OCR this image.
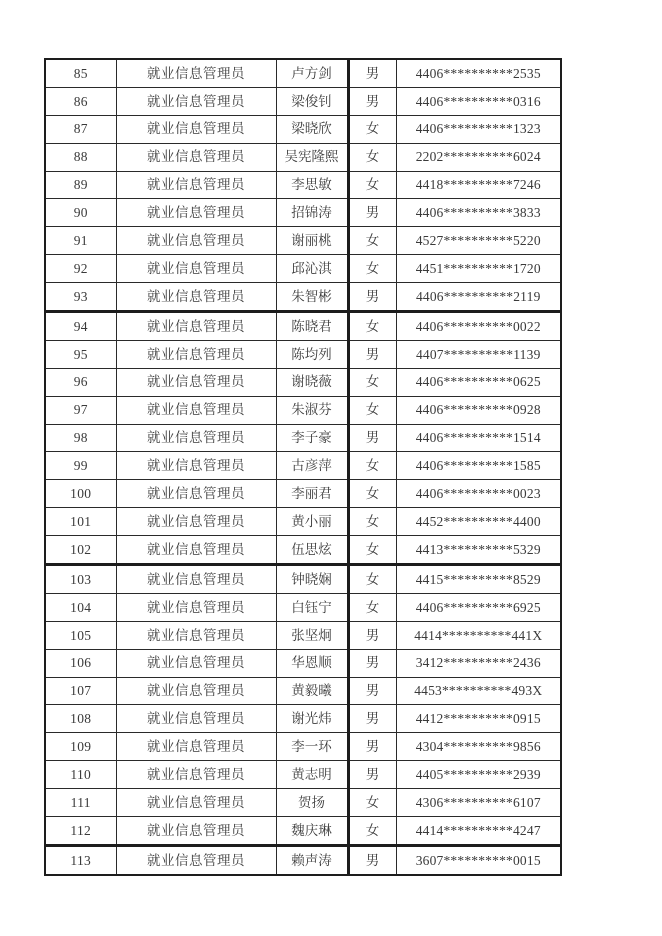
85	就业信息管理员	卢方剑	男	4406**********2535
86	就业信息管理员	梁俊钊	男	4406**********0316
87	就业信息管理员	梁晓欣	女	4406**********1323
88	就业信息管理员	吴宪隆熙	女	2202**********6024
89	就业信息管理员	李思敏	女	4418**********7246
90	就业信息管理员	招锦涛	男	4406**********3833
91	就业信息管理员	谢丽桃	女	4527**********5220
92	就业信息管理员	邱沁淇	女	4451**********1720
93	就业信息管理员	朱智彬	男	4406**********2119
94	就业信息管理员	陈晓君	女	4406**********0022
95	就业信息管理员	陈均列	男	4407**********1139
96	就业信息管理员	谢晓薇	女	4406**********0625
97	就业信息管理员	朱淑芬	女	4406**********0928
98	就业信息管理员	李子豪	男	4406**********1514
99	就业信息管理员	古彦萍	女	4406**********1585
100	就业信息管理员	李丽君	女	4406**********0023
101	就业信息管理员	黄小丽	女	4452**********4400
102	就业信息管理员	伍思炫	女	4413**********5329
103	就业信息管理员	钟晓娴	女	4415**********8529
104	就业信息管理员	白钰宁	女	4406**********6925
105	就业信息管理员	张坚炯	男	4414**********441X
106	就业信息管理员	华恩顺	男	3412**********2436
107	就业信息管理员	黄毅曦	男	4453**********493X
108	就业信息管理员	谢光炜	男	4412**********0915
109	就业信息管理员	李一环	男	4304**********9856
110	就业信息管理员	黄志明	男	4405**********2939
111	就业信息管理员	贺扬	女	4306**********6107
112	就业信息管理员	魏庆琳	女	4414**********4247
113	就业信息管理员	赖声涛	男	3607**********0015
